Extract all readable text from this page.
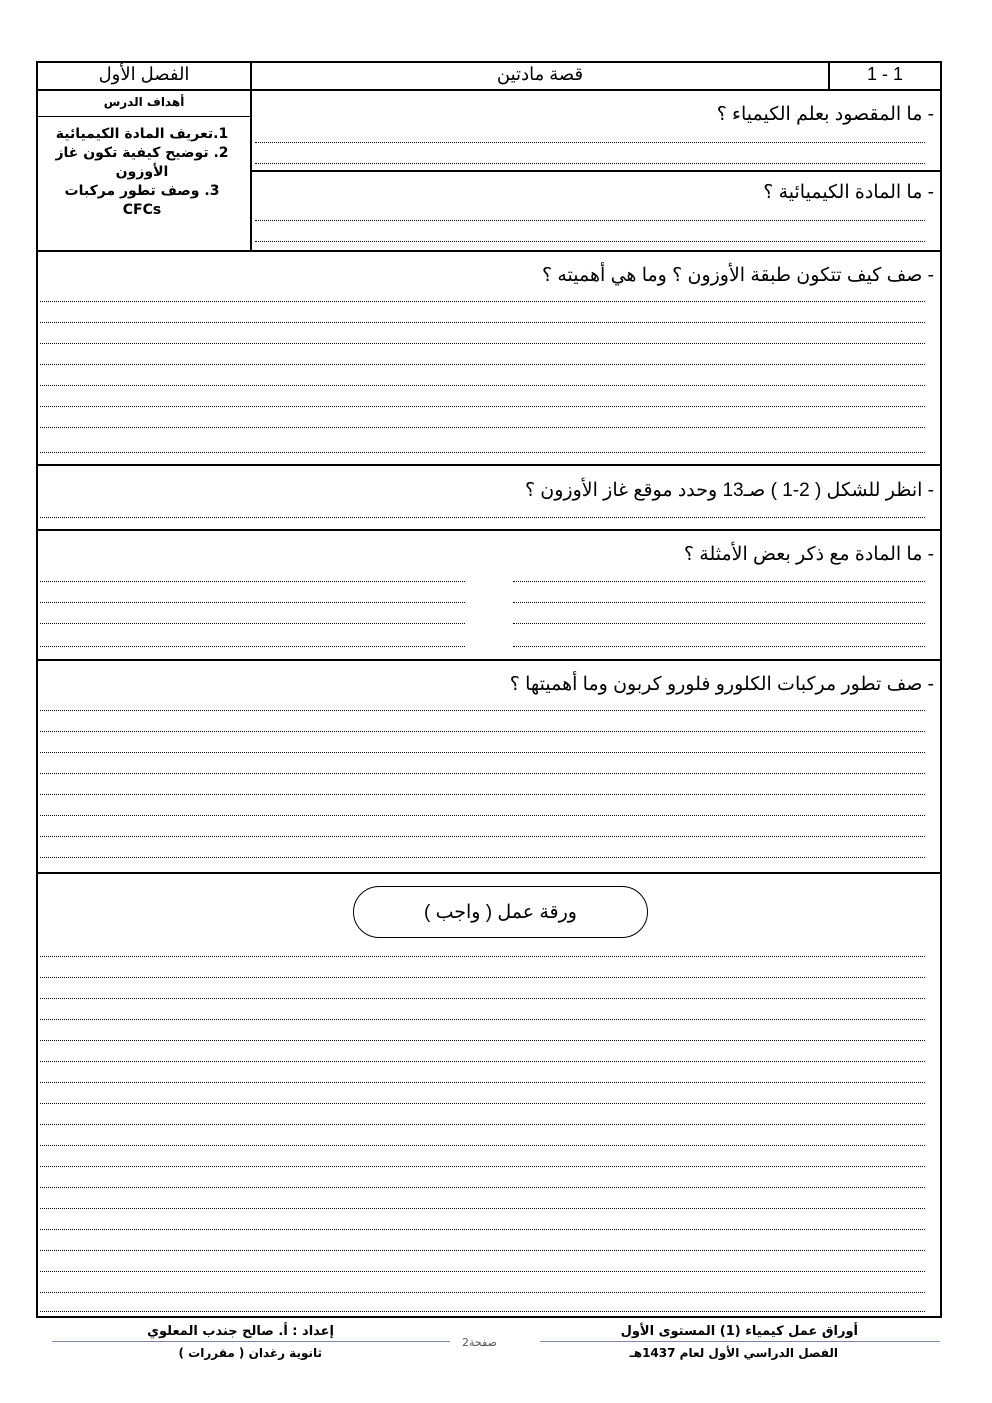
الفصل الأول	قصة مادتين	1 - 1
أهداف الدرس
1.تعريف المادة الكيميائية
2. توضيح كيفية تكون غاز
الأوزون
3. وصف تطور مركبات
CFCs
- ما المقصود بعلم الكيمياء ؟
- ما المادة الكيميائية ؟
- صف كيف تتكون طبقة الأوزون ؟ وما هي أهميته ؟
- انظر للشكل ( 2-1 ) صـ13 وحدد موقع غاز الأوزون ؟
- ما المادة مع ذكر بعض الأمثلة ؟
- صف تطور مركبات الكلورو فلورو كربون وما أهميتها ؟
ورقة عمل ( واجب )
إعداد : أ. صالح جندب المعلوي
ثانوية رغدان ( مقررات )
صفحة2
أوراق عمل كيمياء (1) المستوى الأول
الفصل الدراسي الأول لعام 1437هـ
